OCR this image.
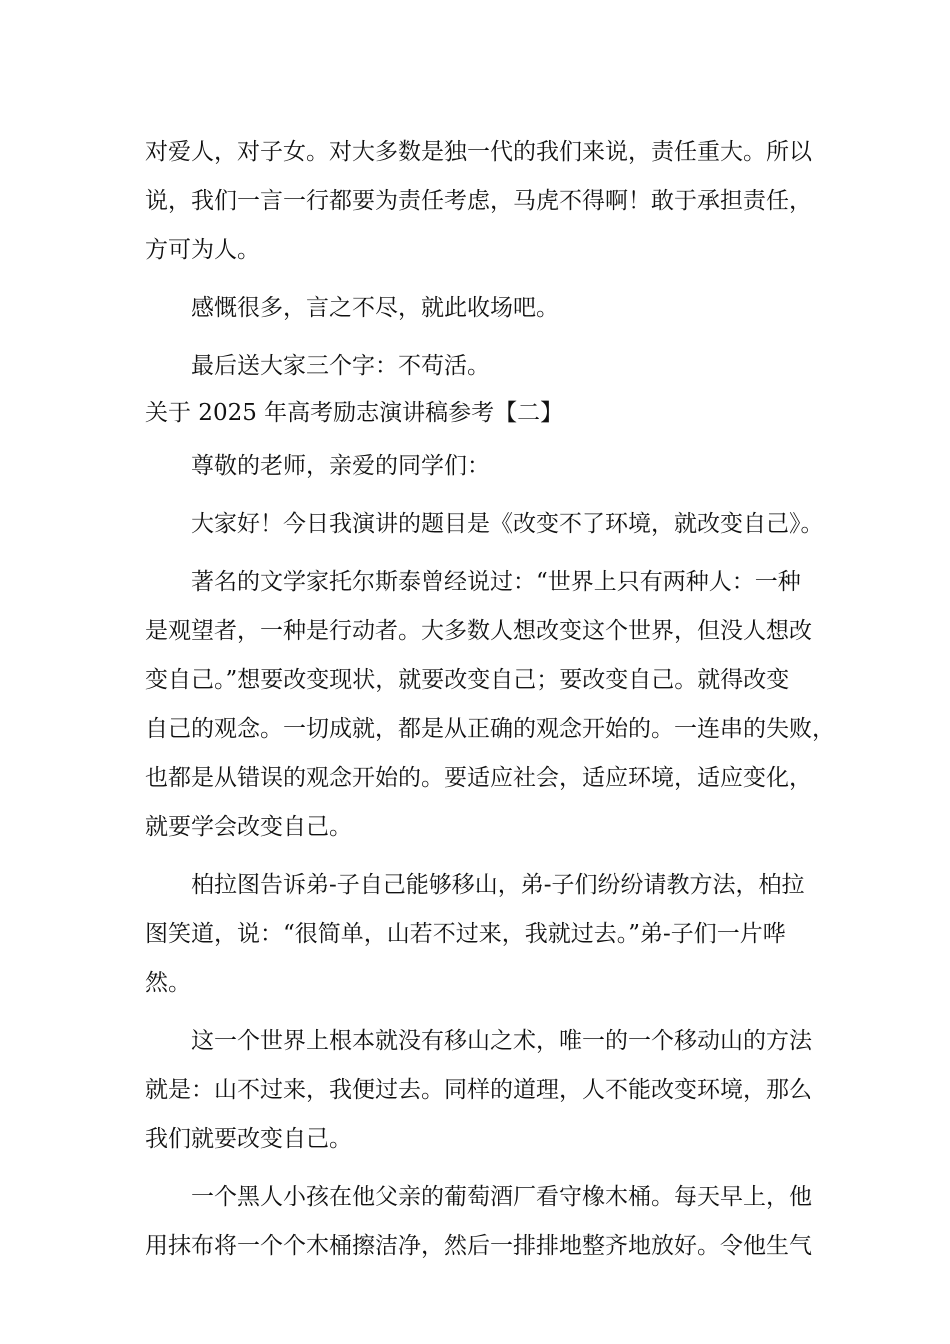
对爱人，对子女。对大多数是独一代的我们来说，责任重大。所以
说，我们一言一行都要为责任考虑，马虎不得啊！敢于承担责任，
方可为人。
感慨很多，言之不尽，就此收场吧。
最后送大家三个字：不苟活。
关于 2025 年高考励志演讲稿参考【二】
尊敬的老师，亲爱的同学们：
大家好！今日我演讲的题目是《改变不了环境，就改变自己》。
著名的文学家托尔斯泰曾经说过：“世界上只有两种人：一种
是观望者，一种是行动者。大多数人想改变这个世界，但没人想改
变自己。”想要改变现状，就要改变自己；要改变自己。就得改变
自己的观念。一切成就，都是从正确的观念开始的。一连串的失败，
也都是从错误的观念开始的。要适应社会，适应环境，适应变化，
就要学会改变自己。
柏拉图告诉弟-子自己能够移山，弟-子们纷纷请教方法，柏拉
图笑道，说：“很简单，山若不过来，我就过去。”弟-子们一片哗
然。
这一个世界上根本就没有移山之术，唯一的一个移动山的方法
就是：山不过来，我便过去。同样的道理，人不能改变环境，那么
我们就要改变自己。
一个黑人小孩在他父亲的葡萄酒厂看守橡木桶。每天早上，他
用抹布将一个个木桶擦洁净，然后一排排地整齐地放好。令他生气
